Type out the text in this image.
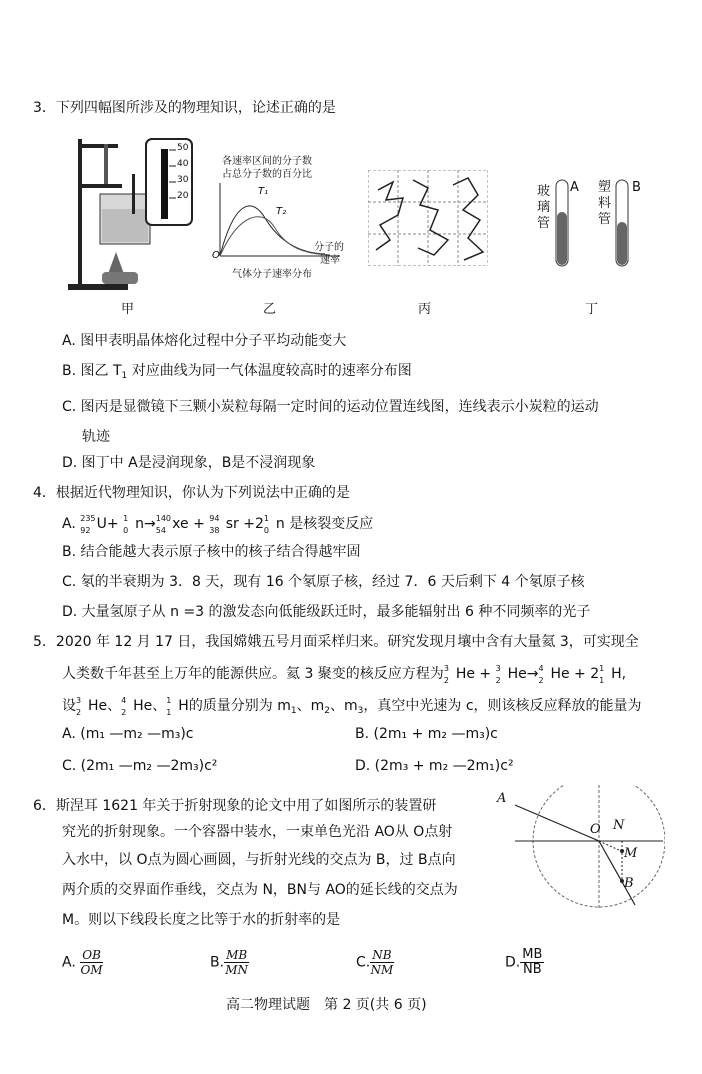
3．下列四幅图所涉及的物理知识，论述正确的是
50
40
30
20
各速率区间的分子数
占总分子数的百分比
T₁
T₂
O
分子的
速率
气体分子速率分布
玻
璃
管
A 塑
料
管
B
甲	乙	丙	丁
A. 图甲表明晶体熔化过程中分子平均动能变大
B. 图乙 $T_1$ 对应曲线为同一气体温度较高时的速率分布图
C. 图丙是显微镜下三颗小炭粒每隔一定时间的运动位置连线图，连线表示小炭粒的运动
轨迹
D. 图丁中 A是浸润现象，B是不浸润现象
4．根据近代物理知识，你认为下列说法中正确的是
A. 235
92 U+ 1
0 n→ 140
54 xe + 94
38 sr +2 1
0 n 是核裂变反应
B. 结合能越大表示原子核中的核子结合得越牢固
C. 氡的半衰期为 3．8 天，现有 16 个氡原子核，经过 7．6 天后剩下 4 个氡原子核
D. 大量氢原子从 n =3 的激发态向低能级跃迁时，最多能辐射出 6 种不同频率的光子
5．2020 年 12 月 17 日，我国嫦娥五号月面采样归来。研究发现月壤中含有大量氦 3，可实现全
人类数千年甚至上万年的能源供应。氦 3 聚变的核反应方程为 3
2 He + 3
2 He→ 4
2 He + 2 1
1 H,
设 3
2 He、 4
2 He、 1
1 H的质量分别为 $m_1$、$m_2$、$m_3$，真空中光速为 c，则该核反应释放的能量为
A. (m₁ —m₂ —m₃)c	B. (2m₁ + m₂ —m₃)c
C. (2m₁ —m₂ —2m₃)c²	D. (2m₃ + m₂ —2m₁)c²
6．斯涅耳 1621 年关于折射现象的论文中用了如图所示的装置研
究光的折射现象。一个容器中装水，一束单色光沿 AO从 O点射
入水中，以 O点为圆心画圆，与折射光线的交点为 B，过 B点向
两介质的交界面作垂线，交点为 N，BN与 AO的延长线的交点为
M。则以下线段长度之比等于水的折射率的是
A
O N
M
B
A. $\frac{OB}{OM}$	B. $\frac{MB}{MN}$	C. $\frac{NB}{NM}$	D. $\frac{MB}{NB}$
高二物理试题　第 2 页(共 6 页)
